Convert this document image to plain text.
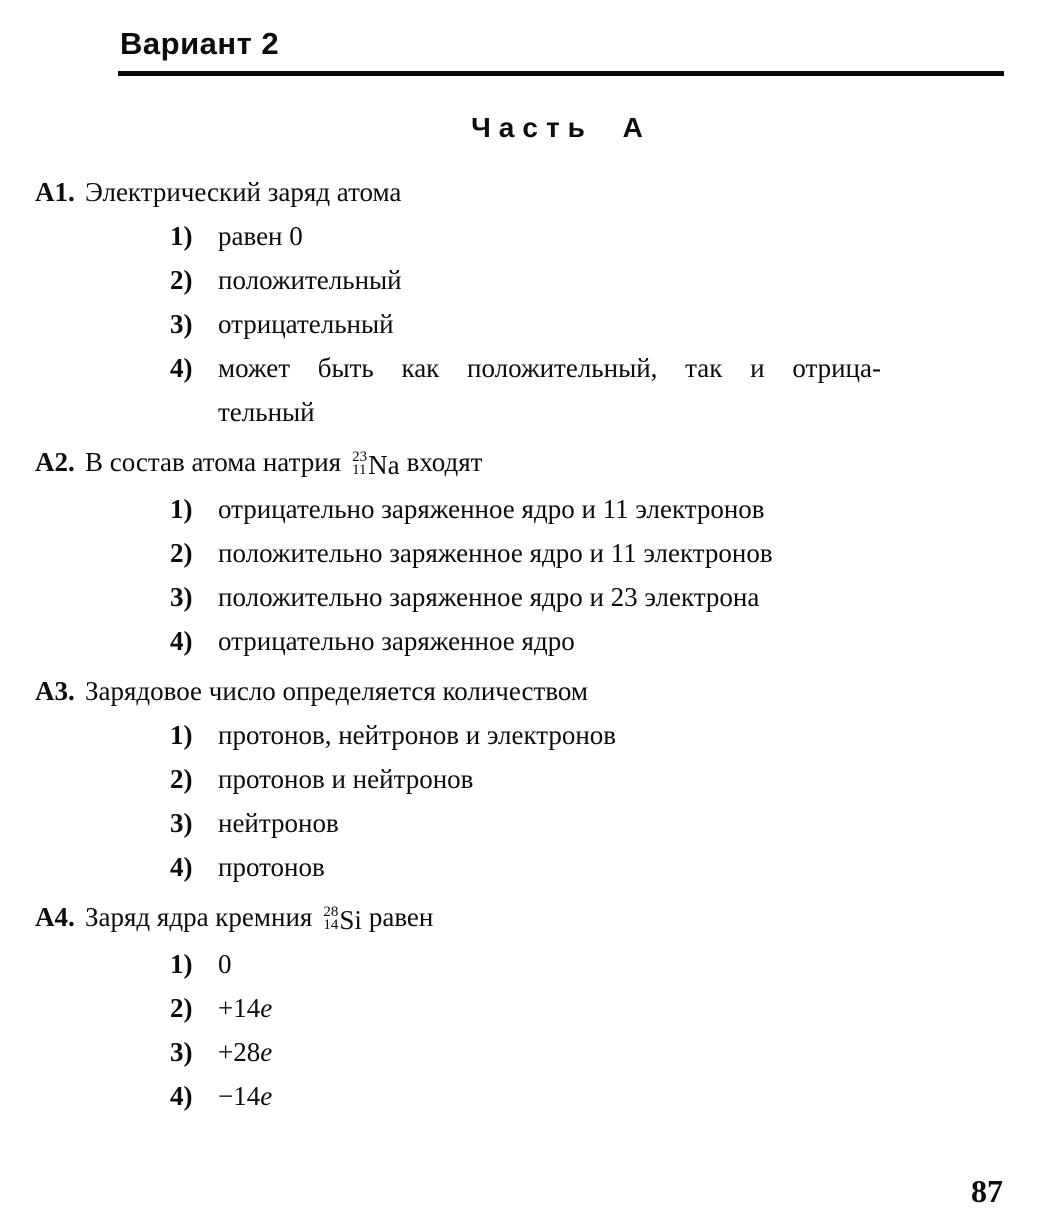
Вариант 2
Часть А
А1. Электрический заряд атома
1) равен 0
2) положительный
3) отрицательный
4) может быть как положительный, так и отрица-
тельный
А2. В состав атома натрия 23
11 Na входят
1) отрицательно заряженное ядро и 11 электронов
2) положительно заряженное ядро и 11 электронов
3) положительно заряженное ядро и 23 электрона
4) отрицательно заряженное ядро
А3. Зарядовое число определяется количеством
1) протонов, нейтронов и электронов
2) протонов и нейтронов
3) нейтронов
4) протонов
А4. Заряд ядра кремния 28
14 Si равен
1) 0
2) +14e
3) +28e
4) −14e
87
